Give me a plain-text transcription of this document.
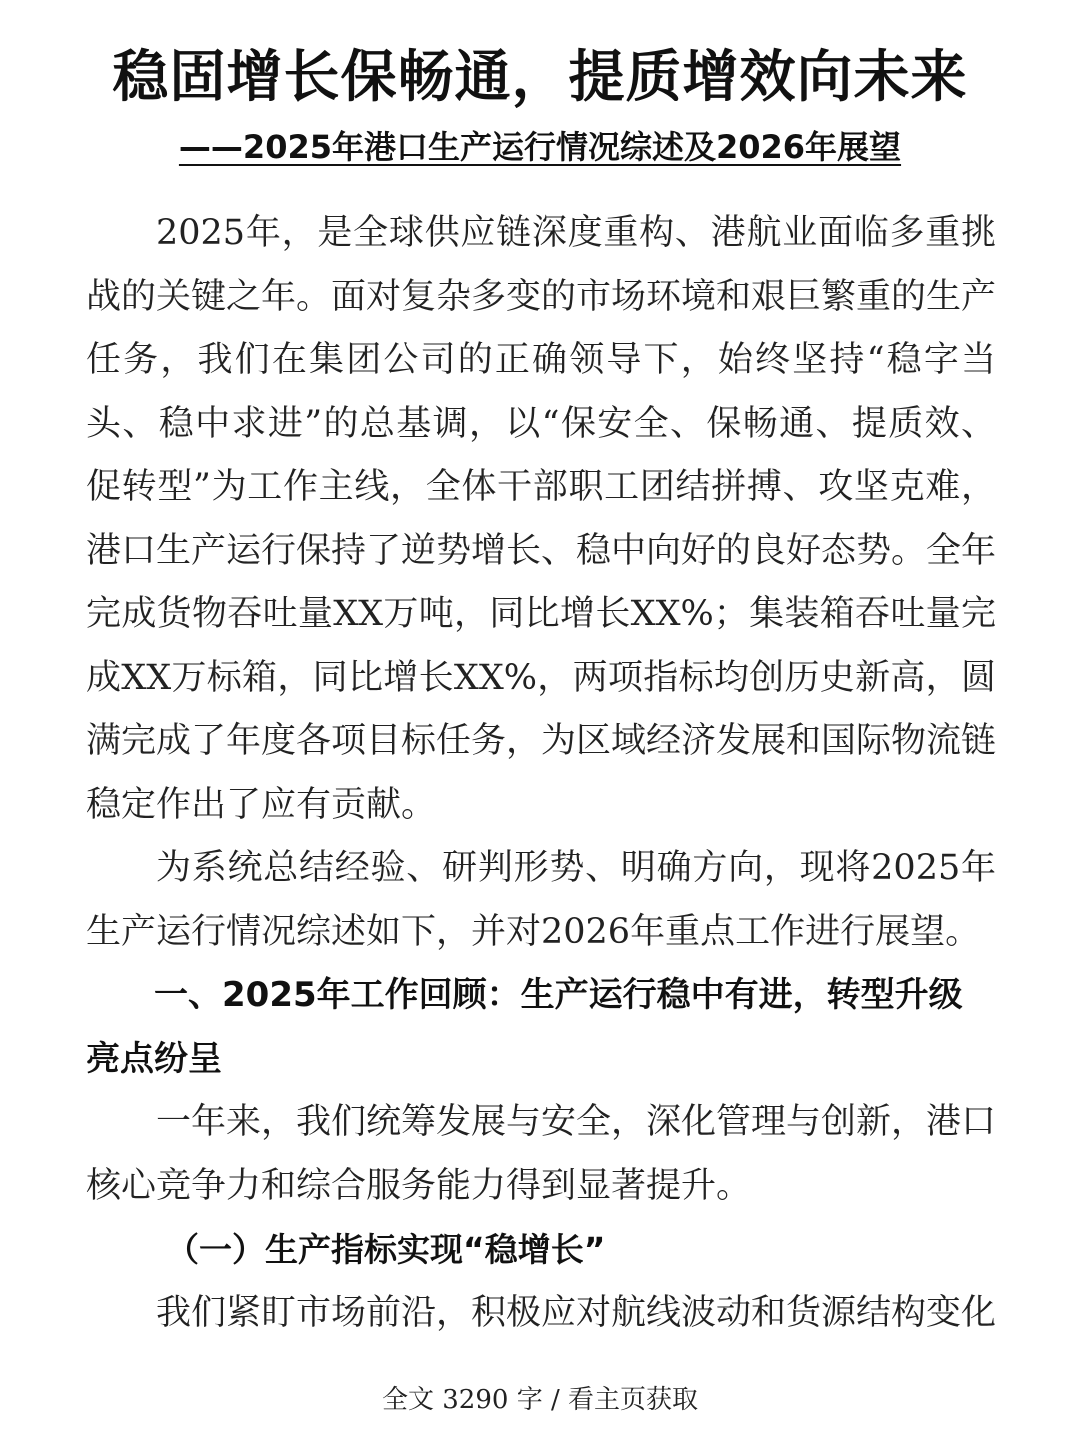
稳固增长保畅通，提质增效向未来
——2025年港口生产运行情况综述及2026年展望

2025年，是全球供应链深度重构、港航业面临多重挑战的关键之年。面对复杂多变的市场环境和艰巨繁重的生产任务，我们在集团公司的正确领导下，始终坚持“稳字当头、稳中求进”的总基调，以“保安全、保畅通、提质效、促转型”为工作主线，全体干部职工团结拼搏、攻坚克难，港口生产运行保持了逆势增长、稳中向好的良好态势。全年完成货物吞吐量XX万吨，同比增长XX%；集装箱吞吐量完成XX万标箱，同比增长XX%，两项指标均创历史新高，圆满完成了年度各项目标任务，为区域经济发展和国际物流链稳定作出了应有贡献。

为系统总结经验、研判形势、明确方向，现将2025年生产运行情况综述如下，并对2026年重点工作进行展望。

一、2025年工作回顾：生产运行稳中有进，转型升级亮点纷呈

一年来，我们统筹发展与安全，深化管理与创新，港口核心竞争力和综合服务能力得到显著提升。

（一）生产指标实现“稳增长”

我们紧盯市场前沿，积极应对航线波动和货源结构变化

全文 3290 字 / 看主页获取
